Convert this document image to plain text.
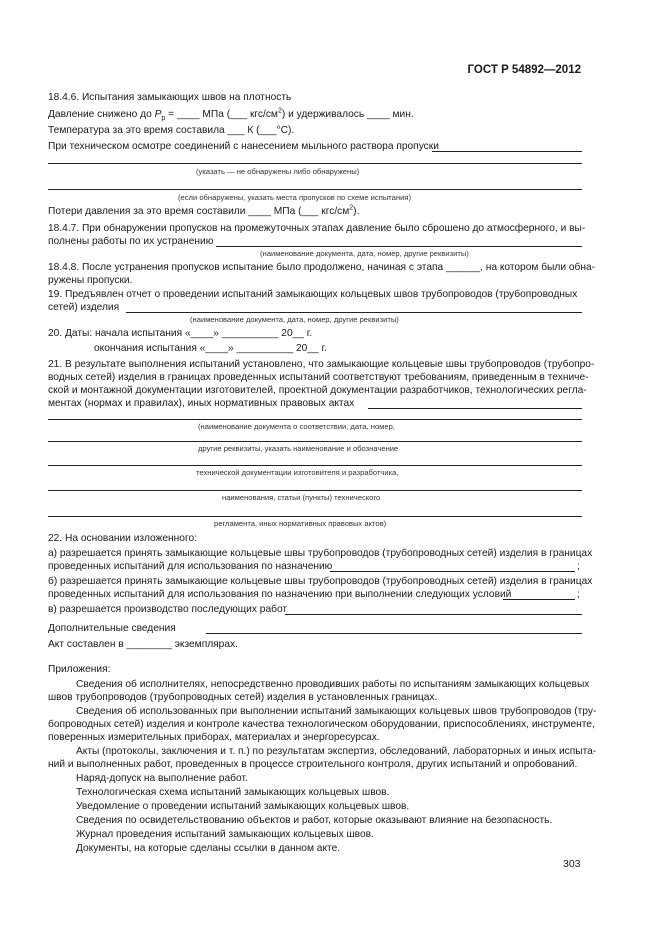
ГОСТ Р 54892—2012
18.4.6. Испытания замыкающих швов на плотность
Давление снижено до $P_р$ = ____ МПа (___ кгс/$см^2$) и удерживалось ____ мин.
Температура за это время составила ___ К (___°С).
При техническом осмотре соединений с нанесением мыльного раствора пропуски
(указать — не обнаружены либо обнаружены)
(если обнаружены, указать места пропусков по схеме испытания)
Потери давления за это время составили ____ МПа (___ кгс/$см^2$).
18.4.7. При обнаружении пропусков на промежуточных этапах давление было сброшено до атмосферного, и вы-
полнены работы по их устранению
(наименование документа, дата, номер, другие реквизиты)
18.4.8. После устранения пропусков испытание было продолжено, начиная с этапа ______, на котором были обна-
ружены пропуски.
19. Предъявлен отчет о проведении испытаний замыкающих кольцевых швов трубопроводов (трубопроводных
сетей) изделия
(наименование документа, дата, номер, другие реквизиты)
20. Даты: начала испытания «____» __________ 20__ г.
окончания испытания «____» __________ 20__ г.
21. В результате выполнения испытаний установлено, что замыкающие кольцевые швы трубопроводов (трубопро-
водных сетей) изделия в границах проведенных испытаний соответствуют требованиям, приведенным в техниче-
ской и монтажной документации изготовителей, проектной документации разработчиков, технологических регла-
ментах (нормах и правилах), иных нормативных правовых актах
(наименование документа о соответствии, дата, номер,
другие реквизиты, указать наименование и обозначение
технической документации изготовителя и разработчика,
наименования, статьи (пункты) технического
регламента, иных нормативных правовых актов)
22. На основании изложенного:
а) разрешается принять замыкающие кольцевые швы трубопроводов (трубопроводных сетей) изделия в границах
проведенных испытаний для использования по назначению	;
б) разрешается принять замыкающие кольцевые швы трубопроводов (трубопроводных сетей) изделия в границах
проведенных испытаний для использования по назначению при выполнении следующих условий	;
в) разрешается производство последующих работ
Дополнительные сведения
Акт составлен в ________ экземплярах.
Приложения:
Сведения об исполнителях, непосредственно проводивших работы по испытаниям замыкающих кольцевых
швов трубопроводов (трубопроводных сетей) изделия в установленных границах.
Сведения об использованных при выполнении испытаний замыкающих кольцевых швов трубопроводов (тру-
бопроводных сетей) изделия и контроле качества технологическом оборудовании, приспособлениях, инструменте,
поверенных измерительных приборах, материалах и энергоресурсах.
Акты (протоколы, заключения и т. п.) по результатам экспертиз, обследований, лабораторных и иных испыта-
ний и выполненных работ, проведенных в процессе строительного контроля, других испытаний и опробований.
Наряд-допуск на выполнение работ.
Технологическая схема испытаний замыкающих кольцевых швов.
Уведомление о проведении испытаний замыкающих кольцевых швов.
Сведения по освидетельствованию объектов и работ, которые оказывают влияние на безопасность.
Журнал проведения испытаний замыкающих кольцевых швов.
Документы, на которые сделаны ссылки в данном акте.
303
